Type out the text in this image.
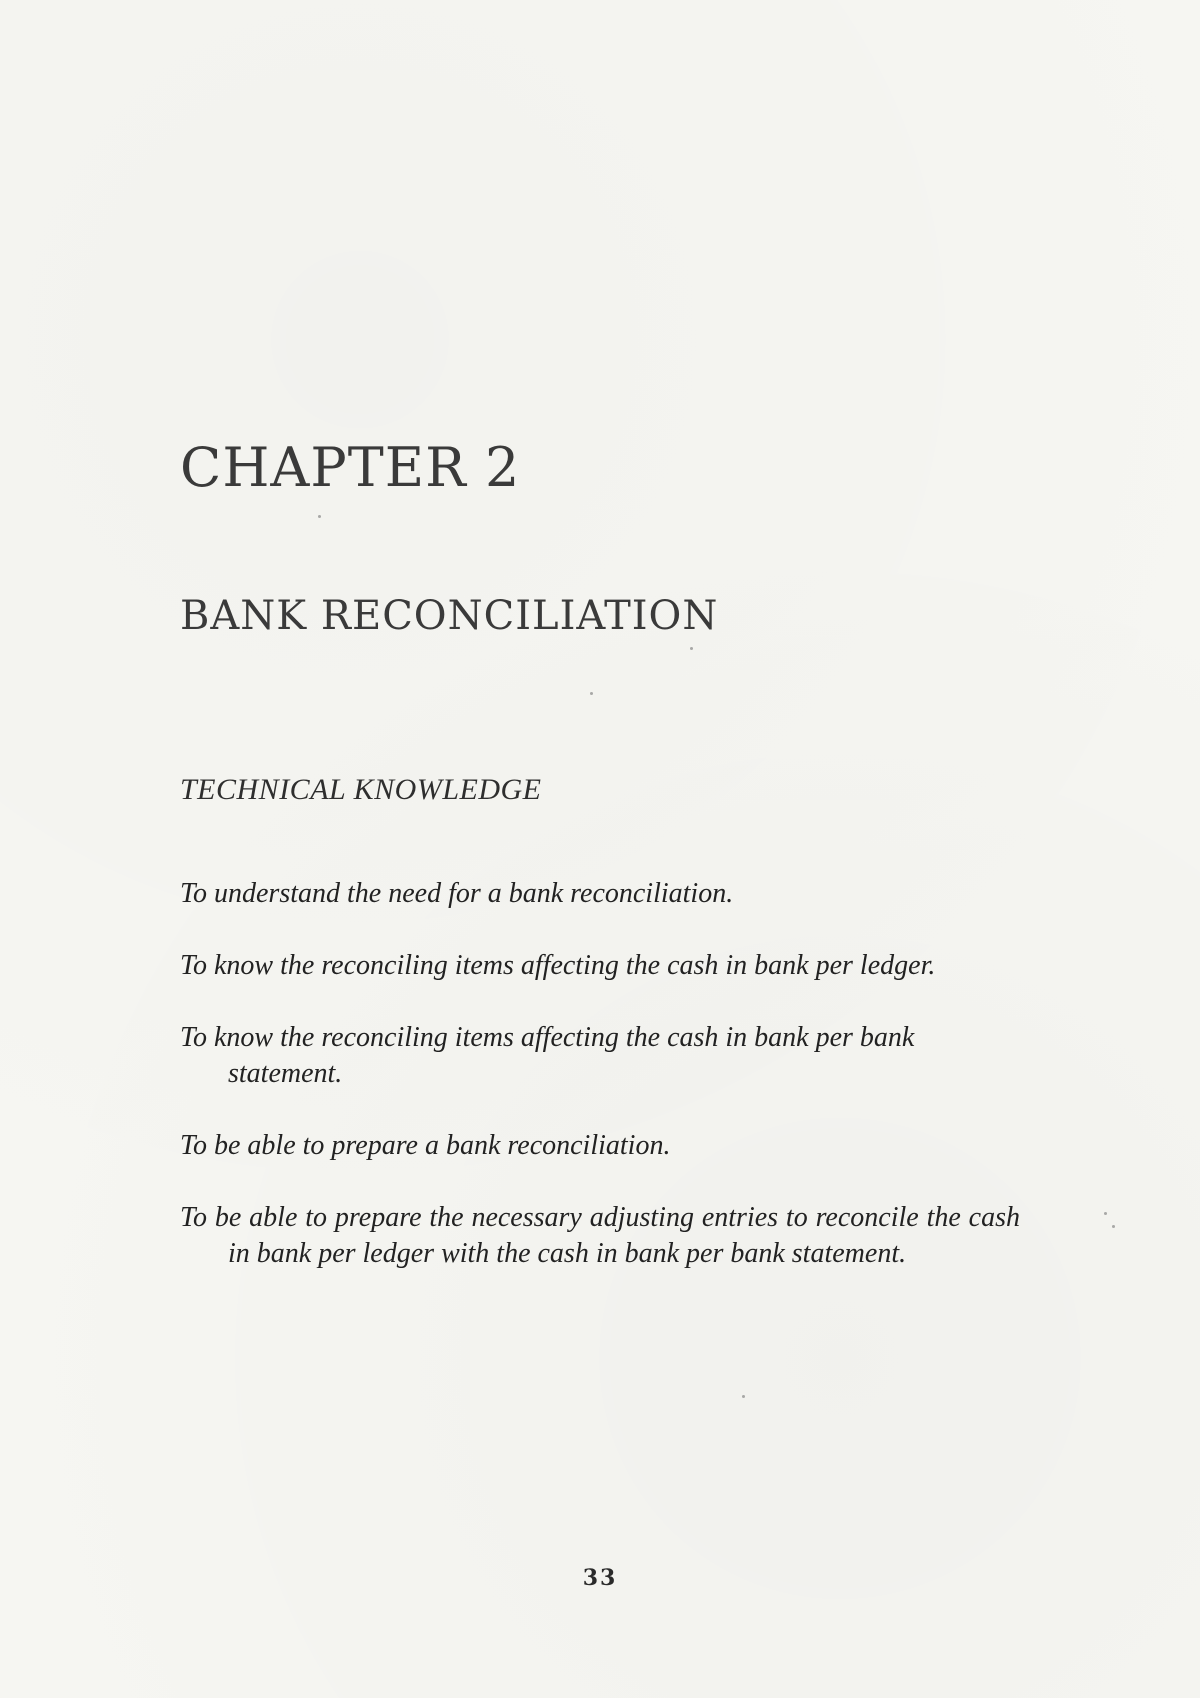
CHAPTER 2
BANK RECONCILIATION
TECHNICAL KNOWLEDGE
To understand the need for a bank reconciliation.
To know the reconciling items affecting the cash in bank per ledger.
To know the reconciling items affecting the cash in bank per bank statement.
To be able to prepare a bank reconciliation.
To be able to prepare the necessary adjusting entries to reconcile the cash in bank per ledger with the cash in bank per bank statement.
33
